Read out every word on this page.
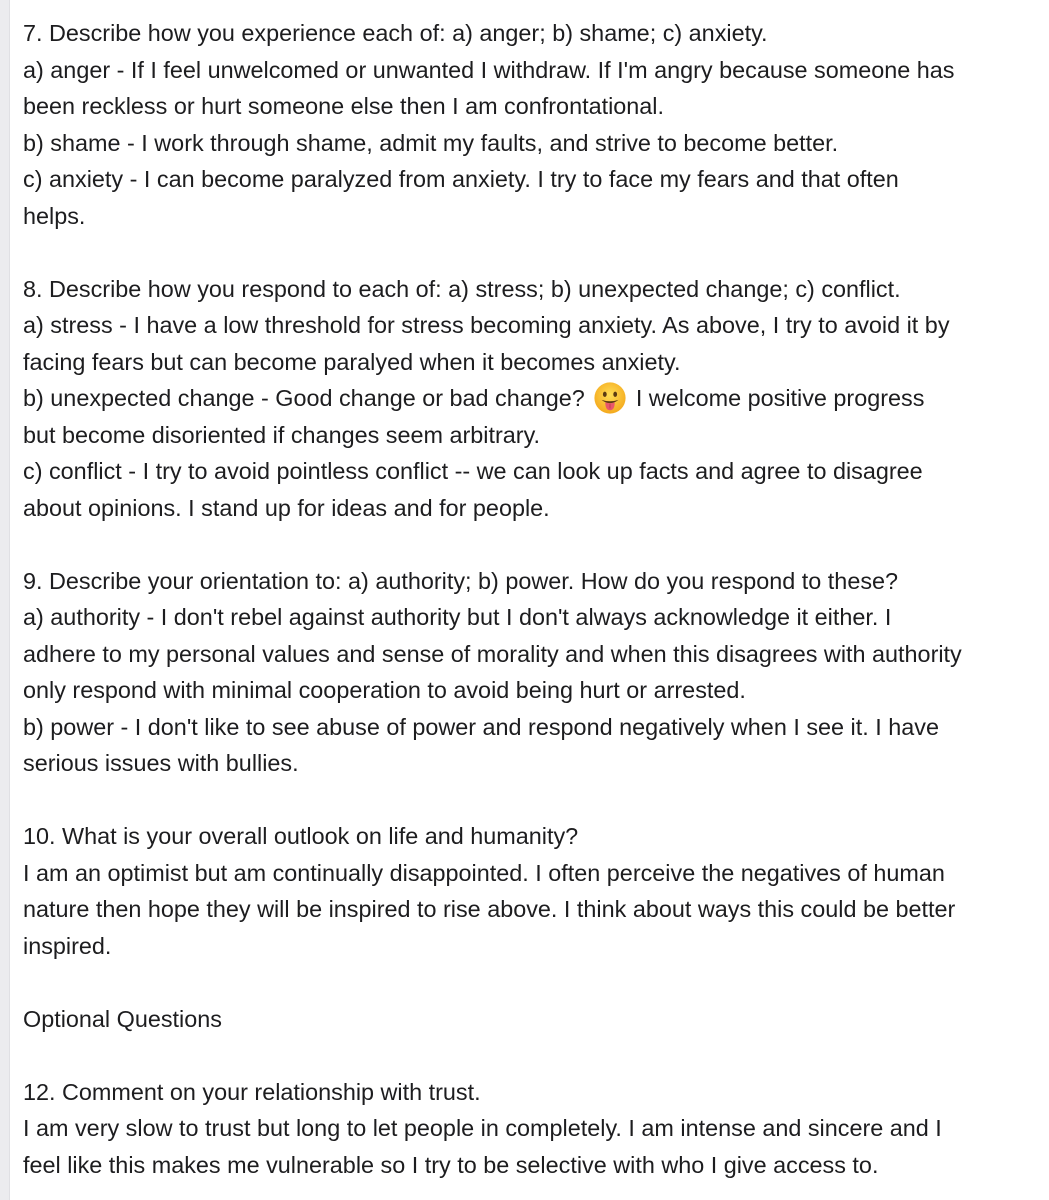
7. Describe how you experience each of: a) anger; b) shame; c) anxiety.
a) anger - If I feel unwelcomed or unwanted I withdraw. If I'm angry because someone has
been reckless or hurt someone else then I am confrontational.
b) shame - I work through shame, admit my faults, and strive to become better.
c) anxiety - I can become paralyzed from anxiety. I try to face my fears and that often
helps.
8. Describe how you respond to each of: a) stress; b) unexpected change; c) conflict.
a) stress - I have a low threshold for stress becoming anxiety. As above, I try to avoid it by
facing fears but can become paralyed when it becomes anxiety.
b) unexpected change - Good change or bad change? I welcome positive progress
but become disoriented if changes seem arbitrary.
c) conflict - I try to avoid pointless conflict -- we can look up facts and agree to disagree
about opinions. I stand up for ideas and for people.
9. Describe your orientation to: a) authority; b) power. How do you respond to these?
a) authority - I don't rebel against authority but I don't always acknowledge it either. I
adhere to my personal values and sense of morality and when this disagrees with authority
only respond with minimal cooperation to avoid being hurt or arrested.
b) power - I don't like to see abuse of power and respond negatively when I see it. I have
serious issues with bullies.
10. What is your overall outlook on life and humanity?
I am an optimist but am continually disappointed. I often perceive the negatives of human
nature then hope they will be inspired to rise above. I think about ways this could be better
inspired.
Optional Questions
12. Comment on your relationship with trust.
I am very slow to trust but long to let people in completely. I am intense and sincere and I
feel like this makes me vulnerable so I try to be selective with who I give access to.
